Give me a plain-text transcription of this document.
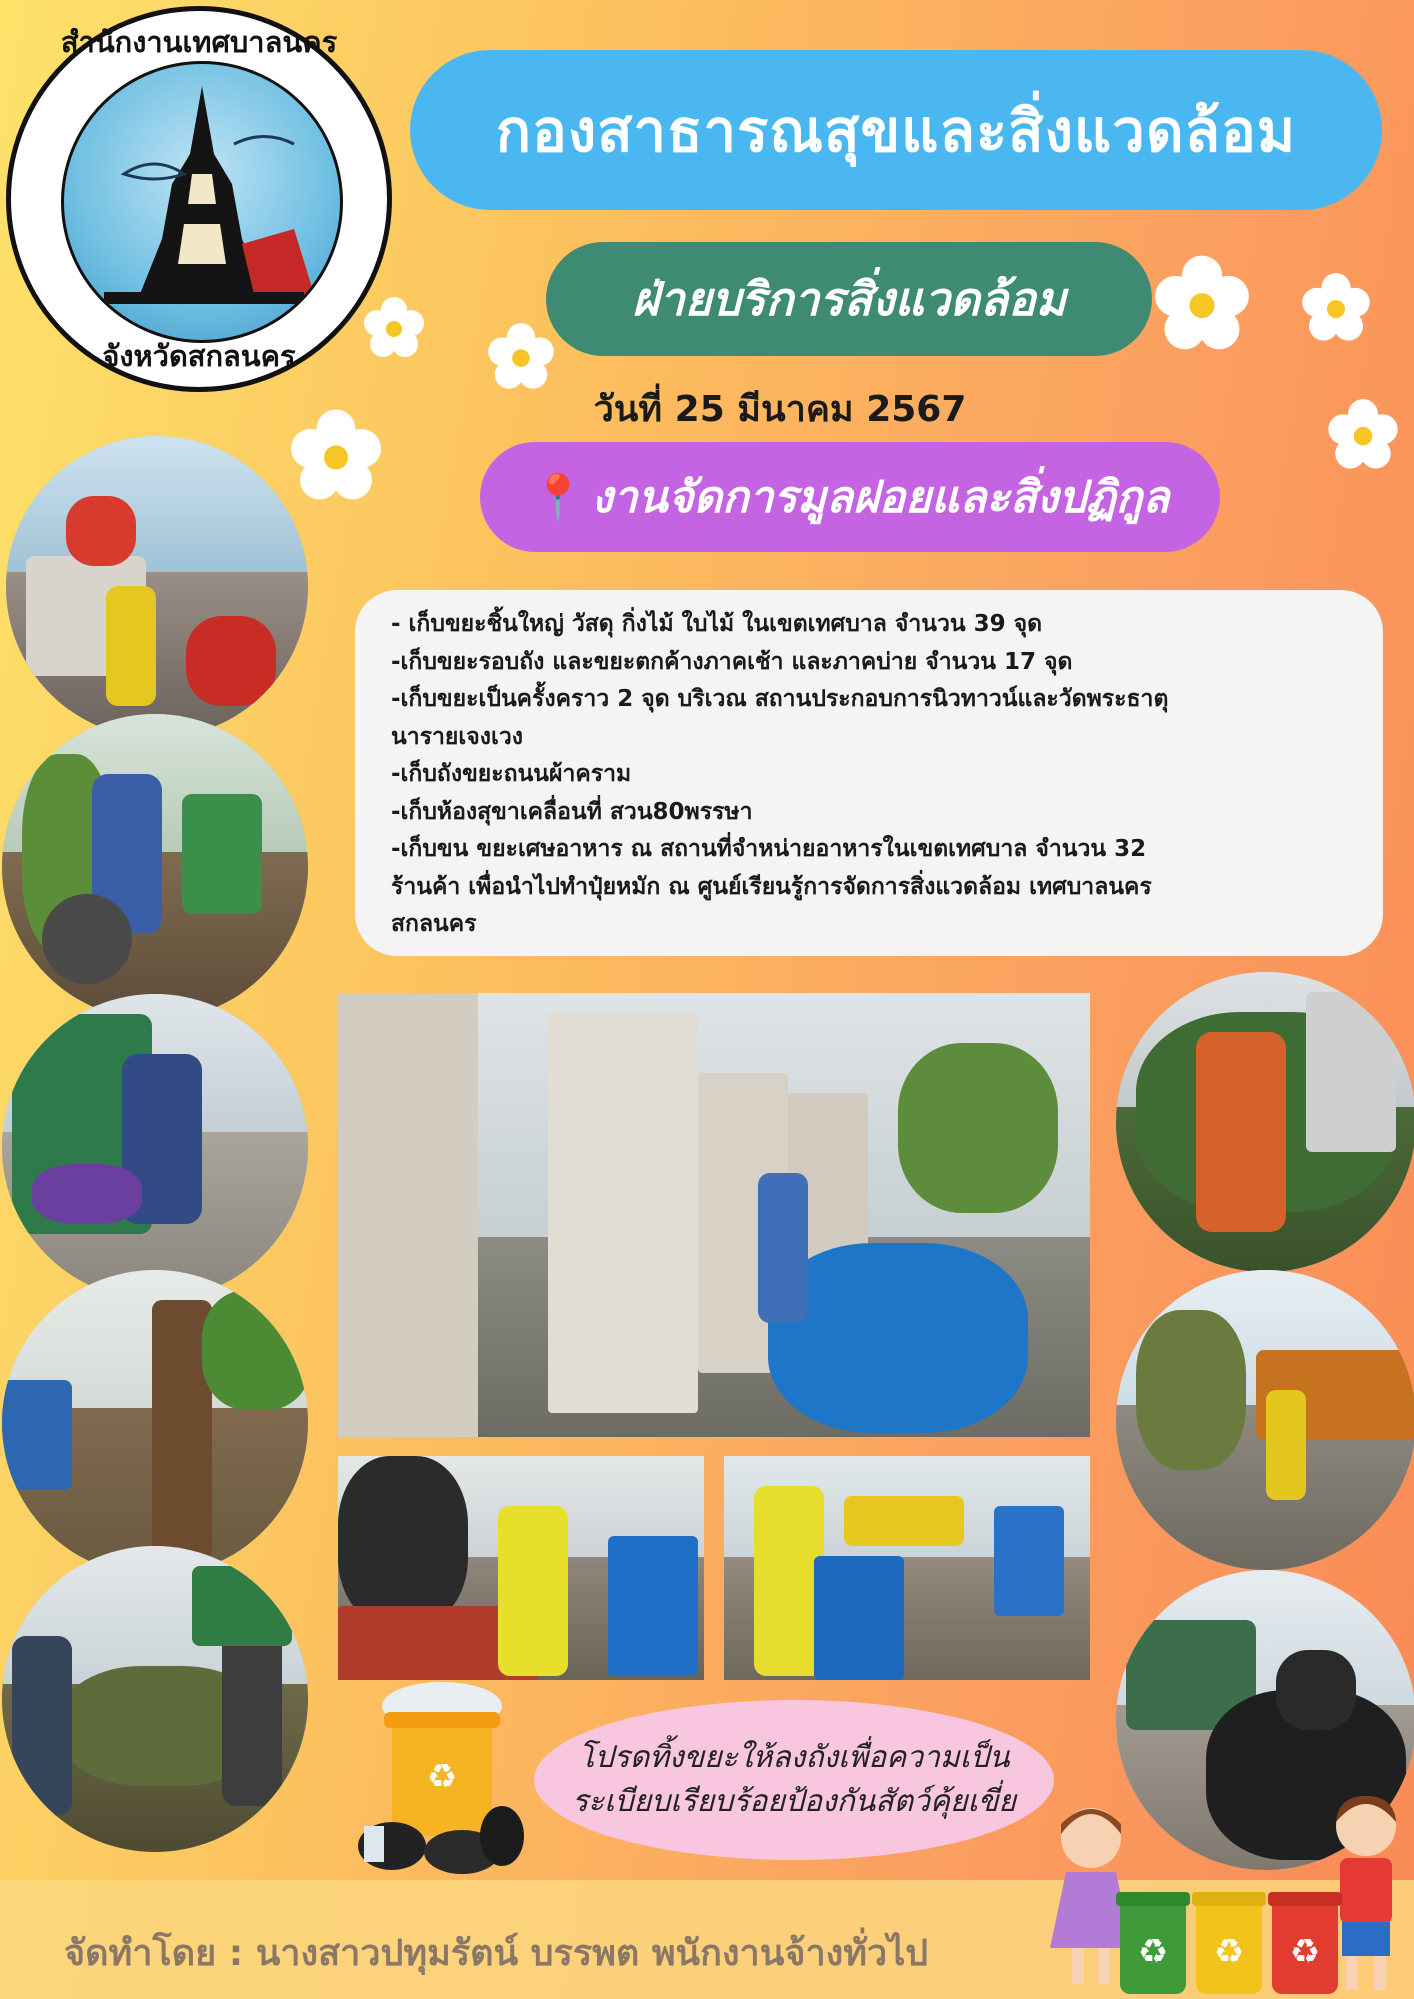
สำนักงานเทศบาลนคร
จังหวัดสกลนคร
กองสาธารณสุขและสิ่งแวดล้อม
ฝ่ายบริการสิ่งแวดล้อม
วันที่ 25 มีนาคม 2567
📍 งานจัดการมูลฝอยและสิ่งปฏิกูล
- เก็บขยะชิ้นใหญ่ วัสดุ กิ่งไม้ ใบไม้ ในเขตเทศบาล จำนวน 39 จุด
-เก็บขยะรอบถัง และขยะตกค้างภาคเช้า และภาคบ่าย จำนวน 17 จุด
-เก็บขยะเป็นครั้งคราว 2 จุด บริเวณ สถานประกอบการนิวทาวน์และวัดพระธาตุ
นารายเจงเวง
-เก็บถังขยะถนนผ้าคราม
-เก็บห้องสุขาเคลื่อนที่ สวน80พรรษา
-เก็บขน ขยะเศษอาหาร ณ สถานที่จำหน่ายอาหารในเขตเทศบาล จำนวน 32
ร้านค้า เพื่อนำไปทำปุ๋ยหมัก ณ ศูนย์เรียนรู้การจัดการสิ่งแวดล้อม เทศบาลนคร
สกลนคร
จัดทำโดย : นางสาวปทุมรัตน์ บรรพต พนักงานจ้างทั่วไป
♻	โปรดทิ้งขยะให้ลงถังเพื่อความเป็น
ระเบียบเรียบร้อยป้องกันสัตว์คุ้ยเขี่ย
♻	♻	♻
